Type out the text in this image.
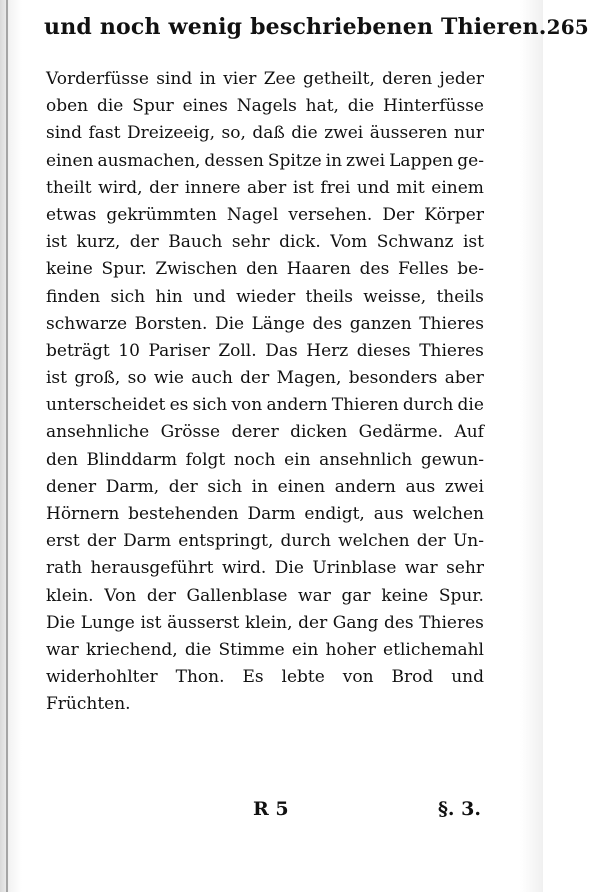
und noch wenig beschriebenen Thieren. 265
Vorderfüsse sind in vier Zee getheilt, deren jeder
oben die Spur eines Nagels hat, die Hinterfüsse
sind fast Dreizeeig, so, daß die zwei äusseren nur
einen ausmachen, dessen Spitze in zwei Lappen ge-
theilt wird, der innere aber ist frei und mit einem
etwas gekrümmten Nagel versehen. Der Körper
ist kurz, der Bauch sehr dick. Vom Schwanz ist
keine Spur. Zwischen den Haaren des Felles be-
finden sich hin und wieder theils weisse, theils
schwarze Borsten. Die Länge des ganzen Thieres
beträgt 10 Pariser Zoll. Das Herz dieses Thieres
ist groß, so wie auch der Magen, besonders aber
unterscheidet es sich von andern Thieren durch die
ansehnliche Grösse derer dicken Gedärme. Auf
den Blinddarm folgt noch ein ansehnlich gewun-
dener Darm, der sich in einen andern aus zwei
Hörnern bestehenden Darm endigt, aus welchen
erst der Darm entspringt, durch welchen der Un-
rath herausgeführt wird. Die Urinblase war sehr
klein. Von der Gallenblase war gar keine Spur.
Die Lunge ist äusserst klein, der Gang des Thieres
war kriechend, die Stimme ein hoher etlichemahl
widerhohlter Thon. Es lebte von Brod und
Früchten.
R 5	§. 3.
